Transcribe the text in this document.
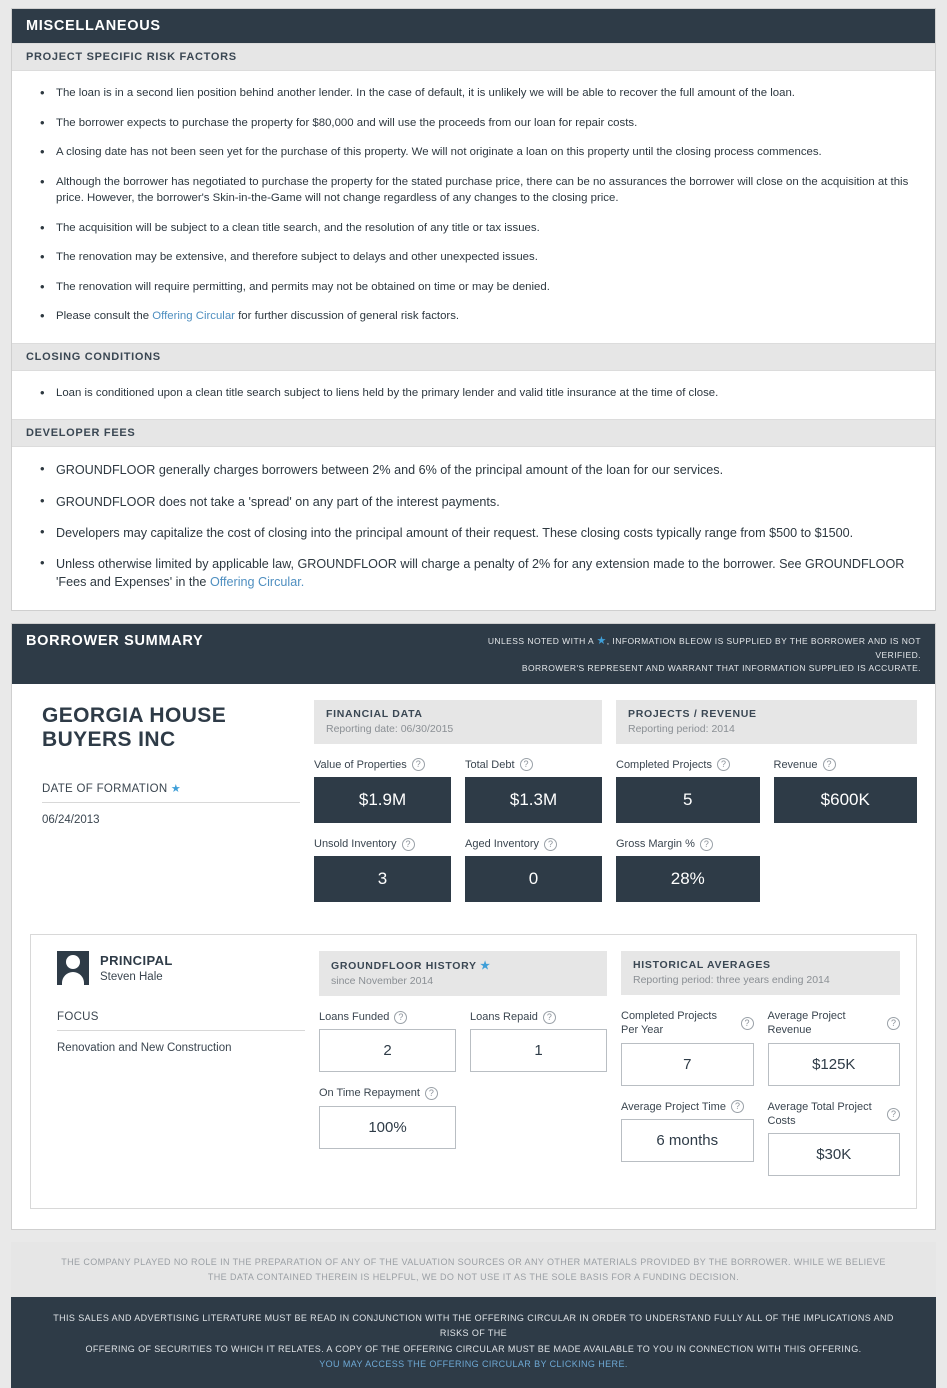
MISCELLANEOUS
PROJECT SPECIFIC RISK FACTORS
• The loan is in a second lien position behind another lender. In the case of default, it is unlikely we will be able to recover the full amount of the loan.
• The borrower expects to purchase the property for $80,000 and will use the proceeds from our loan for repair costs.
• A closing date has not been seen yet for the purchase of this property. We will not originate a loan on this property until the closing process commences.
• Although the borrower has negotiated to purchase the property for the stated purchase price, there can be no assurances the borrower will close on the acquisition at this price. However, the borrower's Skin-in-the-Game will not change regardless of any changes to the closing price.
• The acquisition will be subject to a clean title search, and the resolution of any title or tax issues.
• The renovation may be extensive, and therefore subject to delays and other unexpected issues.
• The renovation will require permitting, and permits may not be obtained on time or may be denied.
• Please consult the Offering Circular for further discussion of general risk factors.
CLOSING CONDITIONS
• Loan is conditioned upon a clean title search subject to liens held by the primary lender and valid title insurance at the time of close.
DEVELOPER FEES
• GROUNDFLOOR generally charges borrowers between 2% and 6% of the principal amount of the loan for our services.
• GROUNDFLOOR does not take a 'spread' on any part of the interest payments.
• Developers may capitalize the cost of closing into the principal amount of their request. These closing costs typically range from $500 to $1500.
• Unless otherwise limited by applicable law, GROUNDFLOOR will charge a penalty of 2% for any extension made to the borrower. See GROUNDFLOOR 'Fees and Expenses' in the Offering Circular.
BORROWER SUMMARY	UNLESS NOTED WITH A ★, INFORMATION BLEOW IS SUPPLIED BY THE BORROWER AND IS NOT VERIFIED.
BORROWER'S REPRESENT AND WARRANT THAT INFORMATION SUPPLIED IS ACCURATE.
GEORGIA HOUSE BUYERS INC
DATE OF FORMATION ★
06/24/2013
FINANCIAL DATA
Reporting date: 06/30/2015
Value of Properties ?
$1.9M
Total Debt ?
$1.3M
Unsold Inventory ?
3
Aged Inventory ?
0
PROJECTS / REVENUE
Reporting period: 2014
Completed Projects ?
5
Revenue ?
$600K
Gross Margin % ?
28%
PRINCIPAL
Steven Hale
FOCUS
Renovation and New Construction
GROUNDFLOOR HISTORY ★
since November 2014
Loans Funded ?
2
Loans Repaid ?
1
On Time Repayment ?
100%
HISTORICAL AVERAGES
Reporting period: three years ending 2014
Completed Projects Per Year
?
7
Average Project Revenue
?
$125K
Average Project Time ?
6 months
Average Total Project Costs
?
$30K
THE COMPANY PLAYED NO ROLE IN THE PREPARATION OF ANY OF THE VALUATION SOURCES OR ANY OTHER MATERIALS PROVIDED BY THE BORROWER. WHILE WE BELIEVE THE DATA CONTAINED THEREIN IS HELPFUL, WE DO NOT USE IT AS THE SOLE BASIS FOR A FUNDING DECISION.
THIS SALES AND ADVERTISING LITERATURE MUST BE READ IN CONJUNCTION WITH THE OFFERING CIRCULAR IN ORDER TO UNDERSTAND FULLY ALL OF THE IMPLICATIONS AND RISKS OF THE
OFFERING OF SECURITIES TO WHICH IT RELATES. A COPY OF THE OFFERING CIRCULAR MUST BE MADE AVAILABLE TO YOU IN CONNECTION WITH THIS OFFERING.
YOU MAY ACCESS THE OFFERING CIRCULAR BY CLICKING HERE.
